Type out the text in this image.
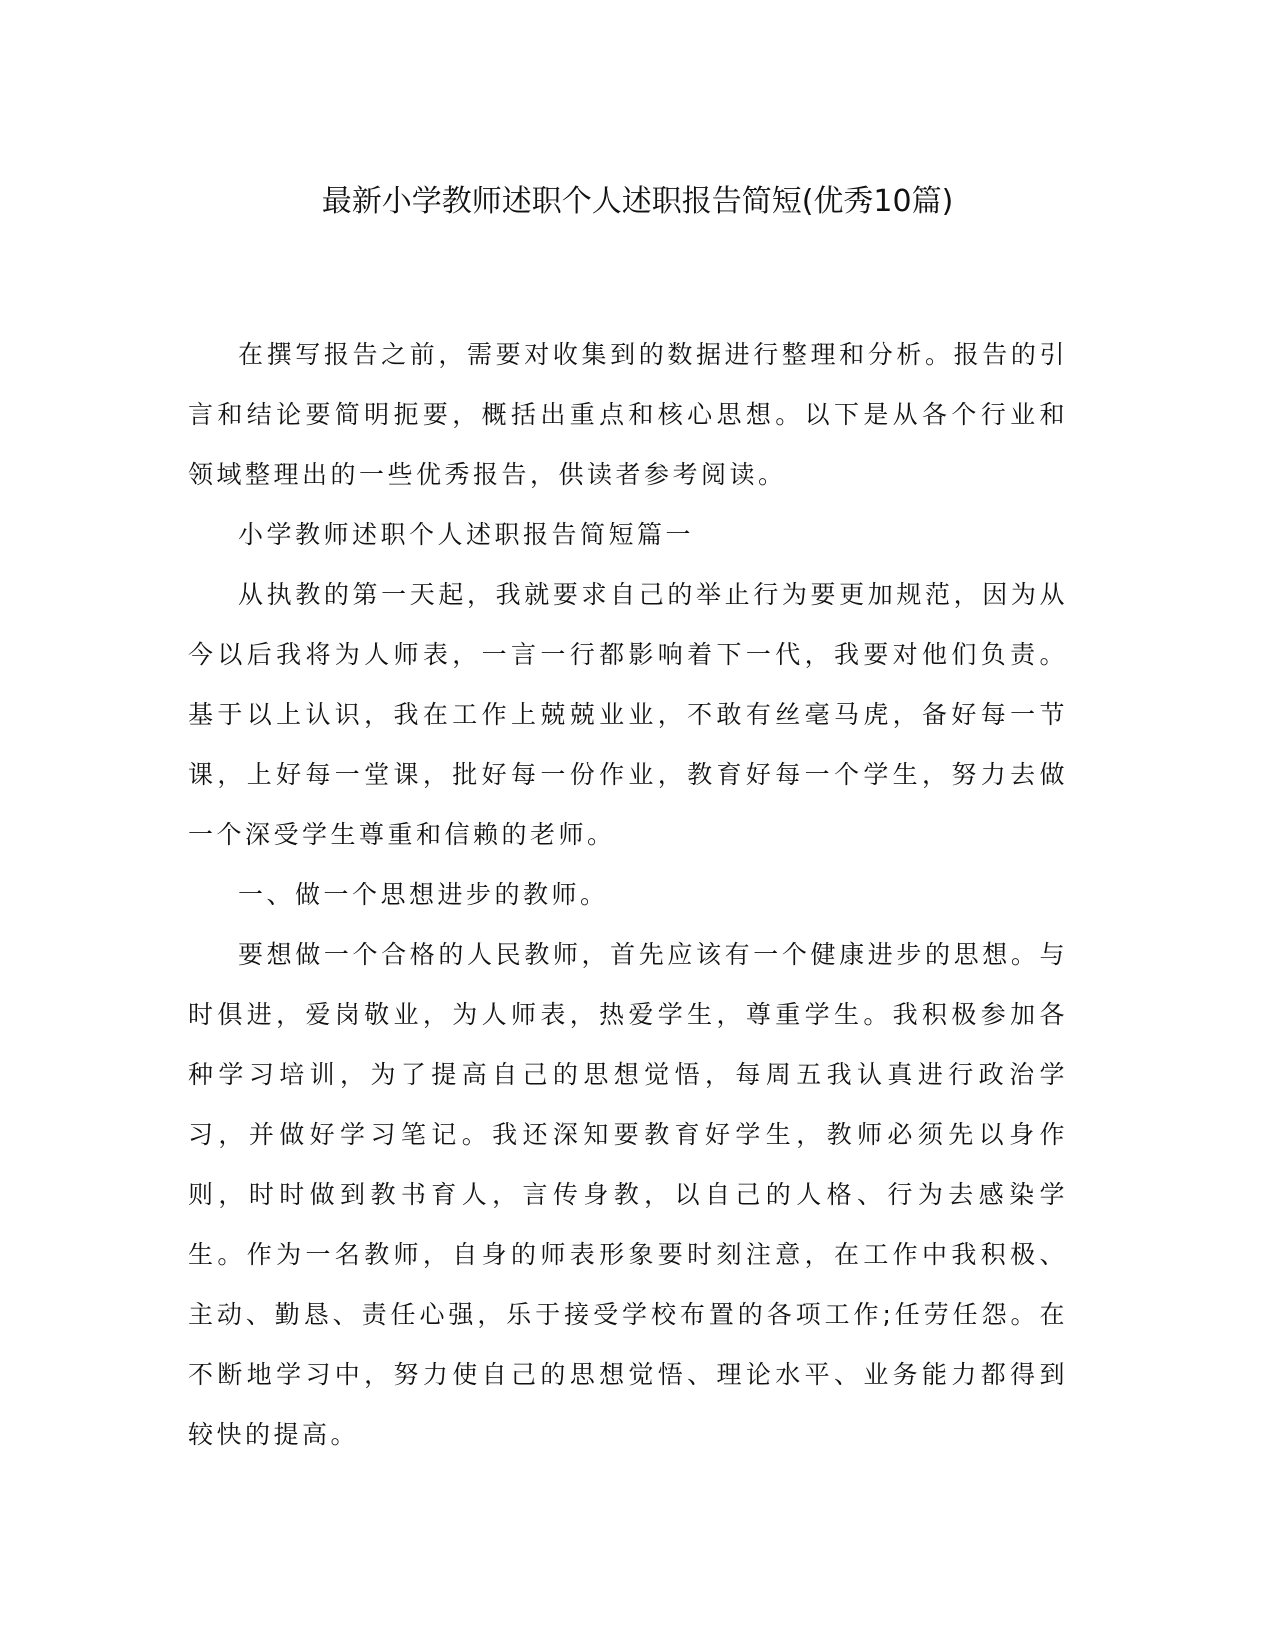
最新小学教师述职个人述职报告简短(优秀10篇)

在撰写报告之前，需要对收集到的数据进行整理和分析。报告的引言和结论要简明扼要，概括出重点和核心思想。以下是从各个行业和领域整理出的一些优秀报告，供读者参考阅读。

小学教师述职个人述职报告简短篇一

从执教的第一天起，我就要求自己的举止行为要更加规范，因为从今以后我将为人师表，一言一行都影响着下一代，我要对他们负责。基于以上认识，我在工作上兢兢业业，不敢有丝毫马虎，备好每一节课，上好每一堂课，批好每一份作业，教育好每一个学生，努力去做一个深受学生尊重和信赖的老师。

一、做一个思想进步的教师。

要想做一个合格的人民教师，首先应该有一个健康进步的思想。与时俱进，爱岗敬业，为人师表，热爱学生，尊重学生。我积极参加各种学习培训，为了提高自己的思想觉悟，每周五我认真进行政治学习，并做好学习笔记。我还深知要教育好学生，教师必须先以身作则，时时做到教书育人，言传身教，以自己的人格、行为去感染学生。作为一名教师，自身的师表形象要时刻注意，在工作中我积极、主动、勤恳、责任心强，乐于接受学校布置的各项工作;任劳任怨。在不断地学习中，努力使自己的思想觉悟、理论水平、业务能力都得到较快的提高。
